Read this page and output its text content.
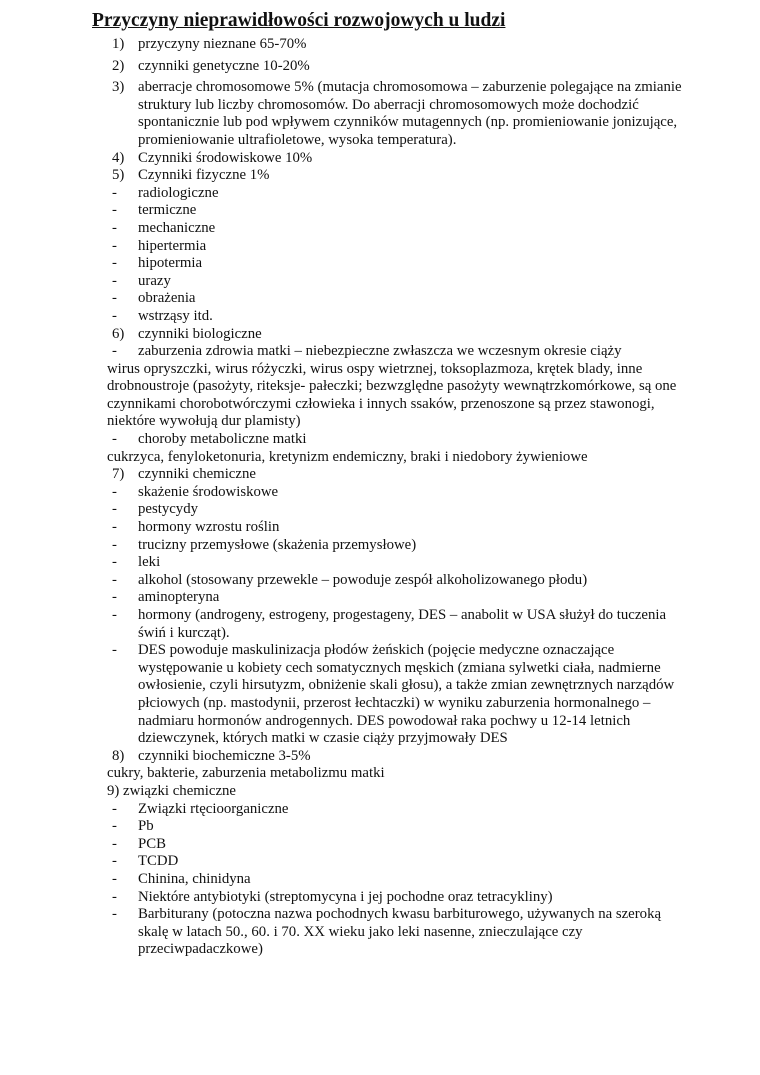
Przyczyny nieprawidłowości rozwojowych u ludzi
1) przyczyny nieznane 65-70%
2) czynniki genetyczne 10-20%
3) aberracje chromosomowe 5% (mutacja chromosomowa – zaburzenie polegające na zmianie struktury lub liczby chromosomów. Do aberracji chromosomowych może dochodzić spontanicznie lub pod wpływem czynników mutagennych (np. promieniowanie jonizujące, promieniowanie ultrafioletowe, wysoka temperatura).
4) Czynniki środowiskowe 10%
5) Czynniki fizyczne 1%
- radiologiczne
- termiczne
- mechaniczne
- hipertermia
- hipotermia
- urazy
- obrażenia
- wstrząsy itd.
6) czynniki biologiczne
- zaburzenia zdrowia matki – niebezpieczne zwłaszcza we wczesnym okresie ciąży
wirus opryszczki, wirus różyczki, wirus ospy wietrznej, toksoplazmoza, krętek blady, inne drobnoustroje (pasożyty, riteksje- pałeczki; bezwzględne pasożyty wewnątrzkomórkowe, są one czynnikami chorobotwórczymi człowieka i innych ssaków, przenoszone są przez stawonogi, niektóre wywołują dur plamisty)
- choroby metaboliczne matki
cukrzyca, fenyloketonuria, kretynizm endemiczny, braki i niedobory żywieniowe
7) czynniki chemiczne
- skażenie środowiskowe
- pestycydy
- hormony wzrostu roślin
- trucizny przemysłowe (skażenia przemysłowe)
- leki
- alkohol (stosowany przewekle – powoduje zespół alkoholizowanego płodu)
- aminopteryna
- hormony (androgeny, estrogeny, progestageny, DES – anabolit w USA służył do tuczenia świń i kurcząt).
- DES powoduje maskulinizacja płodów żeńskich (pojęcie medyczne oznaczające występowanie u kobiety cech somatycznych męskich (zmiana sylwetki ciała, nadmierne owłosienie, czyli hirsutyzm, obniżenie skali głosu), a także zmian zewnętrznych narządów płciowych (np. mastodynii, przerost łechtaczki) w wyniku zaburzenia hormonalnego – nadmiaru hormonów androgennych. DES powodował raka pochwy u 12-14 letnich dziewczynek, których matki w czasie ciąży przyjmowały DES
8) czynniki biochemiczne 3-5%
cukry, bakterie, zaburzenia metabolizmu matki
9) związki chemiczne
- Związki rtęcioorganiczne
- Pb
- PCB
- TCDD
- Chinina, chinidyna
- Niektóre antybiotyki (streptomycyna i jej pochodne oraz tetracykliny)
- Barbiturany (potoczna nazwa pochodnych kwasu barbiturowego, używanych na szeroką skalę w latach 50., 60. i 70. XX wieku jako leki nasenne, znieczulające czy przeciwpadaczkowe)
